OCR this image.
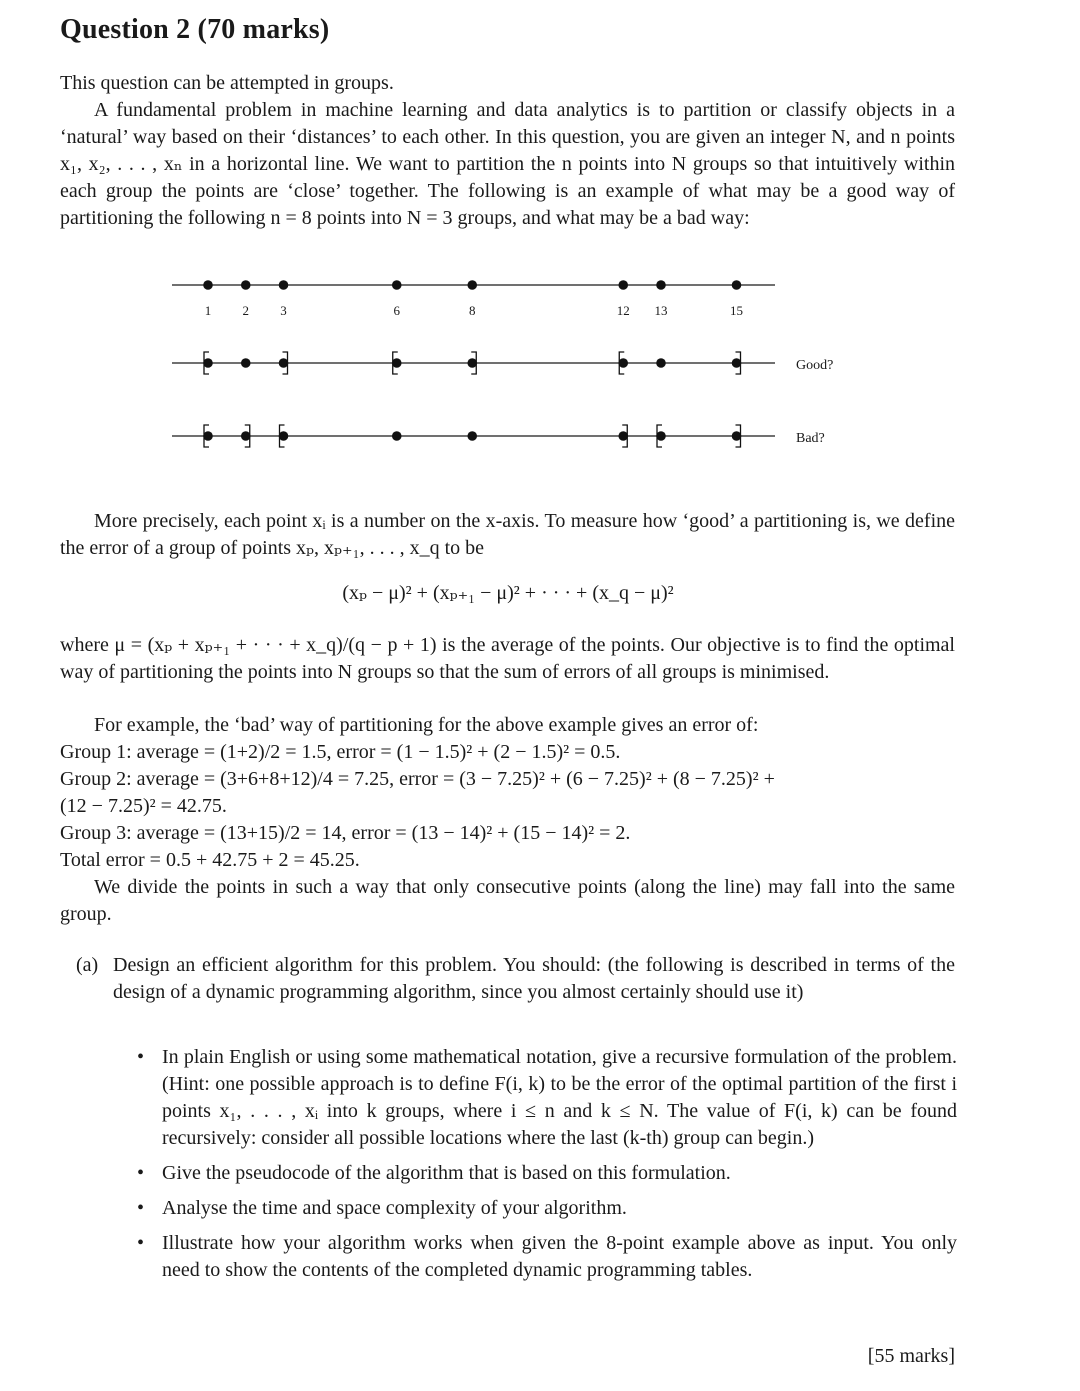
Question 2 (70 marks)

This question can be attempted in groups.

A fundamental problem in machine learning and data analytics is to partition or classify objects in a ‘natural’ way based on their ‘distances’ to each other. In this question, you are given an integer N, and n points x₁, x₂, . . . , xₙ in a horizontal line. We want to partition the n points into N groups so that intuitively within each group the points are ‘close’ together. The following is an example of what may be a good way of partitioning the following n = 8 points into N = 3 groups, and what may be a bad way:

1 2 3	6	8	12 13	15
Good?
Bad?

More precisely, each point xᵢ is a number on the x-axis. To measure how ‘good’ a partitioning is, we define the error of a group of points xₚ, xₚ₊₁, . . . , x_q to be

(xₚ − μ)² + (xₚ₊₁ − μ)² + · · · + (x_q − μ)²

where μ = (xₚ + xₚ₊₁ + · · · + x_q)/(q − p + 1) is the average of the points. Our objective is to find the optimal way of partitioning the points into N groups so that the sum of errors of all groups is minimised.

For example, the ‘bad’ way of partitioning for the above example gives an error of:

Group 1: average = (1+2)/2 = 1.5, error = (1 − 1.5)² + (2 − 1.5)² = 0.5.

Group 2: average = (3+6+8+12)/4 = 7.25, error = (3 − 7.25)² + (6 − 7.25)² + (8 − 7.25)² +

(12 − 7.25)² = 42.75.

Group 3: average = (13+15)/2 = 14, error = (13 − 14)² + (15 − 14)² = 2.

Total error = 0.5 + 42.75 + 2 = 45.25.

We divide the points in such a way that only consecutive points (along the line) may fall into the same group.

(a) Design an efficient algorithm for this problem. You should: (the following is described in terms of the design of a dynamic programming algorithm, since you almost certainly should use it)
• In plain English or using some mathematical notation, give a recursive formulation of the problem. (Hint: one possible approach is to define F(i, k) to be the error of the optimal partition of the first i points x₁, . . . , xᵢ into k groups, where i ≤ n and k ≤ N. The value of F(i, k) can be found recursively: consider all possible locations where the last (k-th) group can begin.)
• Give the pseudocode of the algorithm that is based on this formulation.
• Analyse the time and space complexity of your algorithm.
• Illustrate how your algorithm works when given the 8-point example above as input. You only need to show the contents of the completed dynamic programming tables.
[55 marks]
